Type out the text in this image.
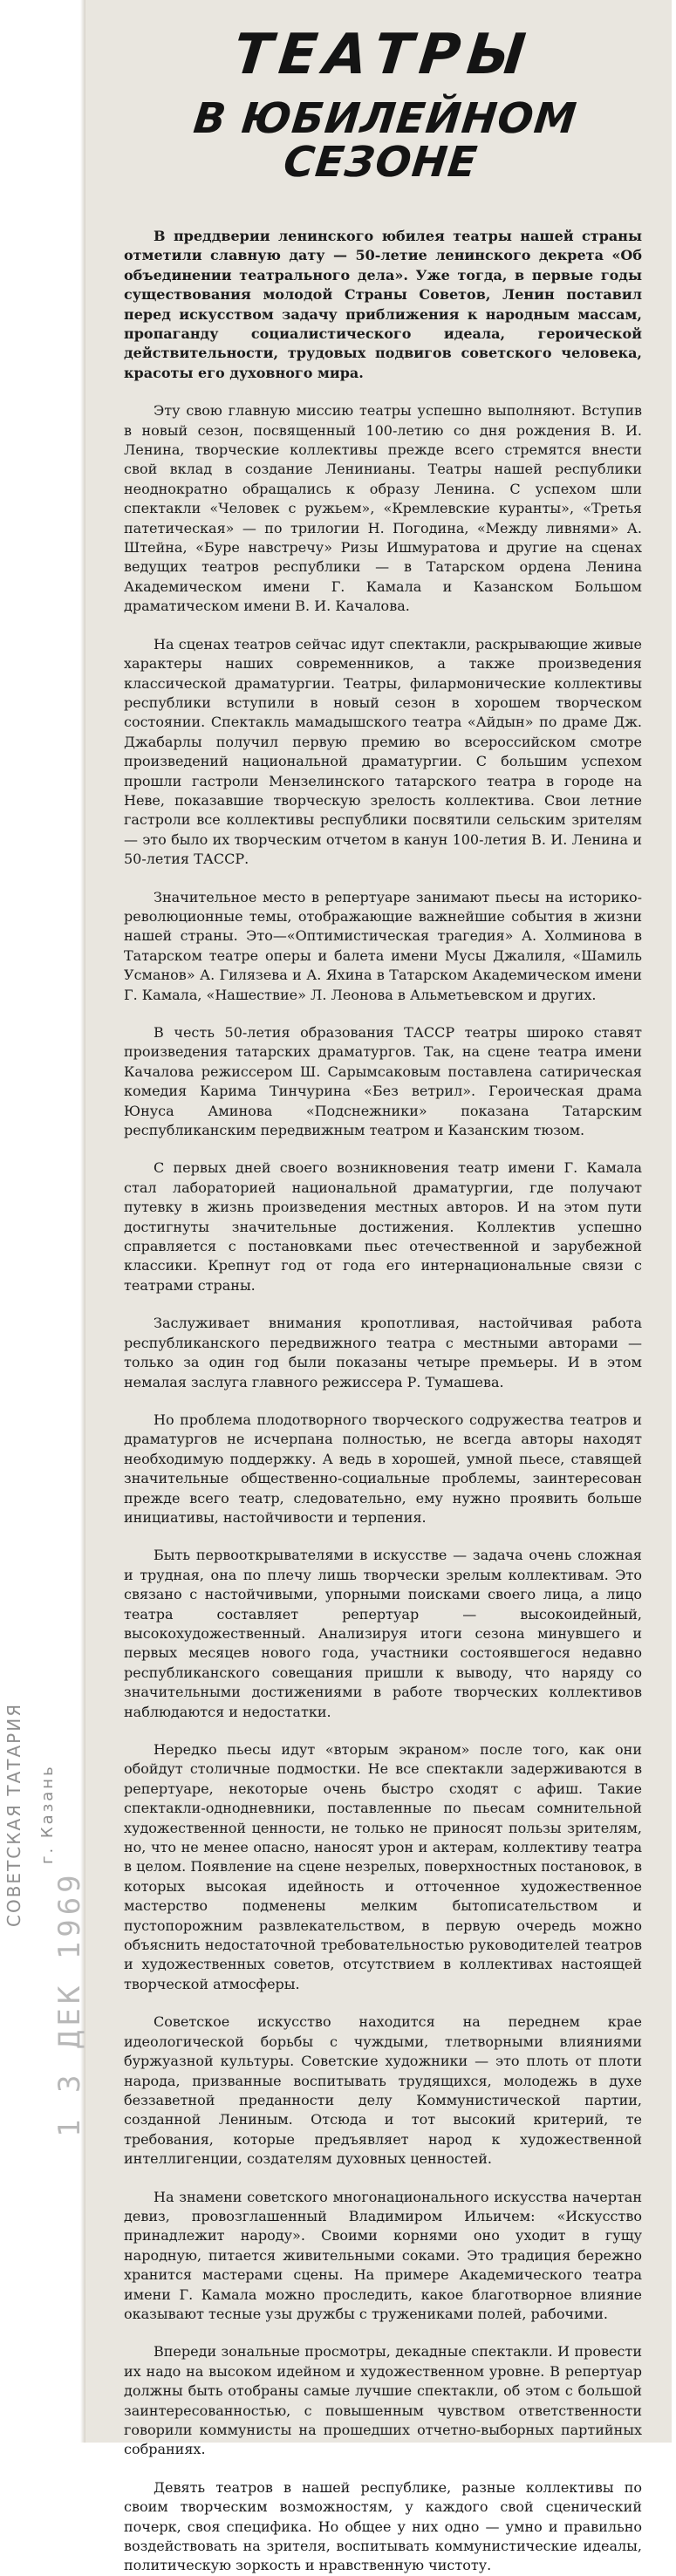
ТЕАТРЫ
В ЮБИЛЕЙНОМ СЕЗОНЕ

В преддверии ленинского юбилея театры нашей страны отметили славную дату — 50-летие ленинского декрета «Об объединении театрального дела». Уже тогда, в первые годы существования молодой Страны Советов, Ленин поставил перед искусством задачу приближения к народным массам, пропаганду социалистического идеала, героической действительности, трудовых подвигов советского человека, красоты его духовного мира.

Эту свою главную миссию театры успешно выполняют. Вступив в новый сезон, посвященный 100-летию со дня рождения В. И. Ленина, творческие коллективы прежде всего стремятся внести свой вклад в создание Ленинианы. Театры нашей республики неоднократно обращались к образу Ленина. С успехом шли спектакли «Человек с ружьем», «Кремлевские куранты», «Третья патетическая» — по трилогии Н. Погодина, «Между ливнями» А. Штейна, «Буре навстречу» Ризы Ишмуратова и другие на сценах ведущих театров республики — в Татарском ордена Ленина Академическом имени Г. Камала и Казанском Большом драматическом имени В. И. Качалова.

На сценах театров сейчас идут спектакли, раскрывающие живые характеры наших современников, а также произведения классической драматургии. Театры, филармонические коллективы республики вступили в новый сезон в хорошем творческом состоянии. Спектакль мамадышского театра «Айдын» по драме Дж. Джабарлы получил первую премию во всероссийском смотре произведений национальной драматургии. С большим успехом прошли гастроли Мензелинского татарского театра в городе на Неве, показавшие творческую зрелость коллектива. Свои летние гастроли все коллективы республики посвятили сельским зрителям — это было их творческим отчетом в канун 100-летия В. И. Ленина и 50-летия ТАССР.

Значительное место в репертуаре занимают пьесы на историко-революционные темы, отображающие важнейшие события в жизни нашей страны. Это—«Оптимистическая трагедия» А. Холминова в Татарском театре оперы и балета имени Мусы Джалиля, «Шамиль Усманов» А. Гилязева и А. Яхина в Татарском Академическом имени Г. Камала, «Нашествие» Л. Леонова в Альметьевском и других.

В честь 50-летия образования ТАССР театры широко ставят произведения татарских драматургов. Так, на сцене театра имени Качалова режиссером Ш. Сарымсаковым поставлена сатирическая комедия Карима Тинчурина «Без ветрил». Героическая драма Юнуса Аминова «Подснежники» показана Татарским республиканским передвижным театром и Казанским тюзом.

С первых дней своего возникновения театр имени Г. Камала стал лабораторией национальной драматургии, где получают путевку в жизнь произведения местных авторов. И на этом пути достигнуты значительные достижения. Коллектив успешно справляется с постановками пьес отечественной и зарубежной классики. Крепнут год от года его интернациональные связи с театрами страны.

Заслуживает внимания кропотливая, настойчивая работа республиканского передвижного театра с местными авторами — только за один год были показаны четыре премьеры. И в этом немалая заслуга главного режиссера Р. Тумашева.

Но проблема плодотворного творческого содружества театров и драматургов не исчерпана полностью, не всегда авторы находят необходимую поддержку. А ведь в хорошей, умной пьесе, ставящей значительные общественно-социальные проблемы, заинтересован прежде всего театр, следовательно, ему нужно проявить больше инициативы, настойчивости и терпения.

Быть первооткрывателями в искусстве — задача очень сложная и трудная, она по плечу лишь творчески зрелым коллективам. Это связано с настойчивыми, упорными поисками своего лица, а лицо театра составляет репертуар — высокоидейный, высокохудожественный. Анализируя итоги сезона минувшего и первых месяцев нового года, участники состоявшегося недавно республиканского совещания пришли к выводу, что наряду со значительными достижениями в работе творческих коллективов наблюдаются и недостатки.

Нередко пьесы идут «вторым экраном» после того, как они обойдут столичные подмостки. Не все спектакли задерживаются в репертуаре, некоторые очень быстро сходят с афиш. Такие спектакли-однодневники, поставленные по пьесам сомнительной художественной ценности, не только не приносят пользы зрителям, но, что не менее опасно, наносят урон и актерам, коллективу театра в целом. Появление на сцене незрелых, поверхностных постановок, в которых высокая идейность и отточенное художественное мастерство подменены мелким бытописательством и пустопорожним развлекательством, в первую очередь можно объяснить недостаточной требовательностью руководителей театров и художественных советов, отсутствием в коллективах настоящей творческой атмосферы.

Советское искусство находится на переднем крае идеологической борьбы с чуждыми, тлетворными влияниями буржуазной культуры. Советские художники — это плоть от плоти народа, призванные воспитывать трудящихся, молодежь в духе беззаветной преданности делу Коммунистической партии, созданной Лениным. Отсюда и тот высокий критерий, те требования, которые предъявляет народ к художественной интеллигенции, создателям духовных ценностей.

На знамени советского многонационального искусства начертан девиз, провозглашенный Владимиром Ильичем: «Искусство принадлежит народу». Своими корнями оно уходит в гущу народную, питается живительными соками. Это традиция бережно хранится мастерами сцены. На примере Академического театра имени Г. Камала можно проследить, какое благотворное влияние оказывают тесные узы дружбы с тружениками полей, рабочими.

Впереди зональные просмотры, декадные спектакли. И провести их надо на высоком идейном и художественном уровне. В репертуар должны быть отобраны самые лучшие спектакли, об этом с большой заинтересованностью, с повышенным чувством ответственности говорили коммунисты на прошедших отчетно-выборных партийных собраниях.

Девять театров в нашей республике, разные коллективы по своим творческим возможностям, у каждого свой сценический почерк, своя специфика. Но общее у них одно — умно и правильно воздействовать на зрителя, воспитывать коммунистические идеалы, политическую зоркость и нравственную чистоту.

СОВЕТСКАЯ ТАТАРИЯ г. Казань
1 3 ДЕК 1969
